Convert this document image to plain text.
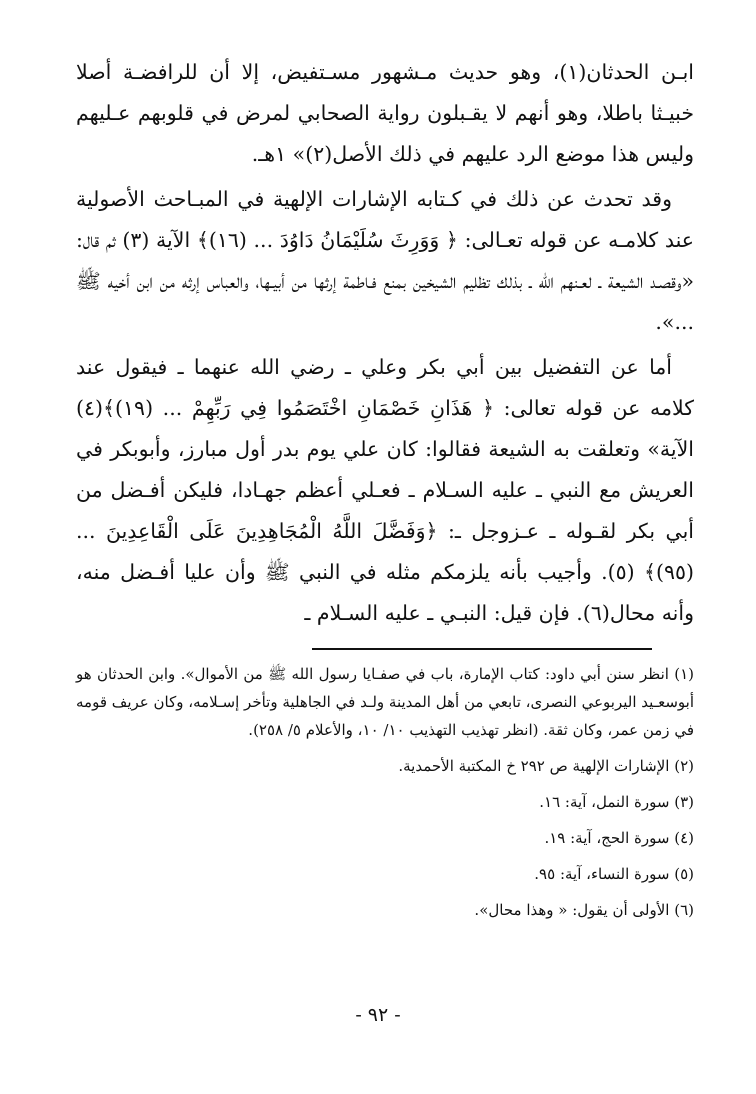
ابـن الحدثان(١)، وهو حديث مـشهور مسـتفيض، إلا أن للرافضـة أصلا خبيـثا باطلا، وهو أنهم لا يقـبلون رواية الصحابي لمرض في قلوبهم عـليهم وليس هذا موضع الرد عليهم في ذلك الأصل(٢)» ١هـ.

وقد تحدث عن ذلك في كـتابه الإشارات الإلهية في المبـاحث الأصولية عند كلامـه عن قوله تعـالى: ﴿ وَوَرِثَ سُلَيْمَانُ دَاوُدَ ... (١٦)﴾ الآية (٣) ثم قال: «وقصـد الشيعة ـ لعـنهم الله ـ بذلك تظليم الشيخين بمنع فـاطمة إرثها من أبيـها، والعباس إرثه من ابن أخيه ﷺ ...».

أما عن التفضيل بين أبي بكر وعلي ـ رضي الله عنهما ـ فيقول عند كلامه عن قوله تعالى: ﴿ هَذَانِ خَصْمَانِ اخْتَصَمُوا فِي رَبِّهِمْ ... (١٩)﴾(٤) الآية» وتعلقت به الشيعة فقالوا: كان علي يوم بدر أول مبارز، وأبوبكر في العريش مع النبي ـ عليه السـلام ـ فعـلي أعظم جهـادا، فليكن أفـضل من أبي بكر لقـوله ـ عـزوجل ـ: ﴿وَفَضَّلَ اللَّهُ الْمُجَاهِدِينَ عَلَى الْقَاعِدِينَ ...(٩٥)﴾ (٥). وأجيب بأنه يلزمكم مثله في النبي ﷺ وأن عليا أفـضل منه، وأنه محال(٦). فإن قيل: النبـي ـ عليه السـلام ـ

(١) انظر سنن أبي داود: كتاب الإمارة، باب في صفـايا رسول الله ﷺ من الأموال». وابن الحدثان هو أبوسعـيد اليربوعي النصرى، تابعي من أهل المدينة ولـد في الجاهلية وتأخر إسـلامه، وكان عريف قومه في زمن عمر، وكان ثقة. (انظر تهذيب التهذيب ١٠/ ١٠، والأعلام ٥/ ٢٥٨).

(٢) الإشارات الإلهية ص ٢٩٢ خ المكتبة الأحمدية.

(٣) سورة النمل، آية: ١٦.

(٤) سورة الحج، آية: ١٩.

(٥) سورة النساء، آية: ٩٥.

(٦) الأولى أن يقول: « وهذا محال».

- ٩٢ -
